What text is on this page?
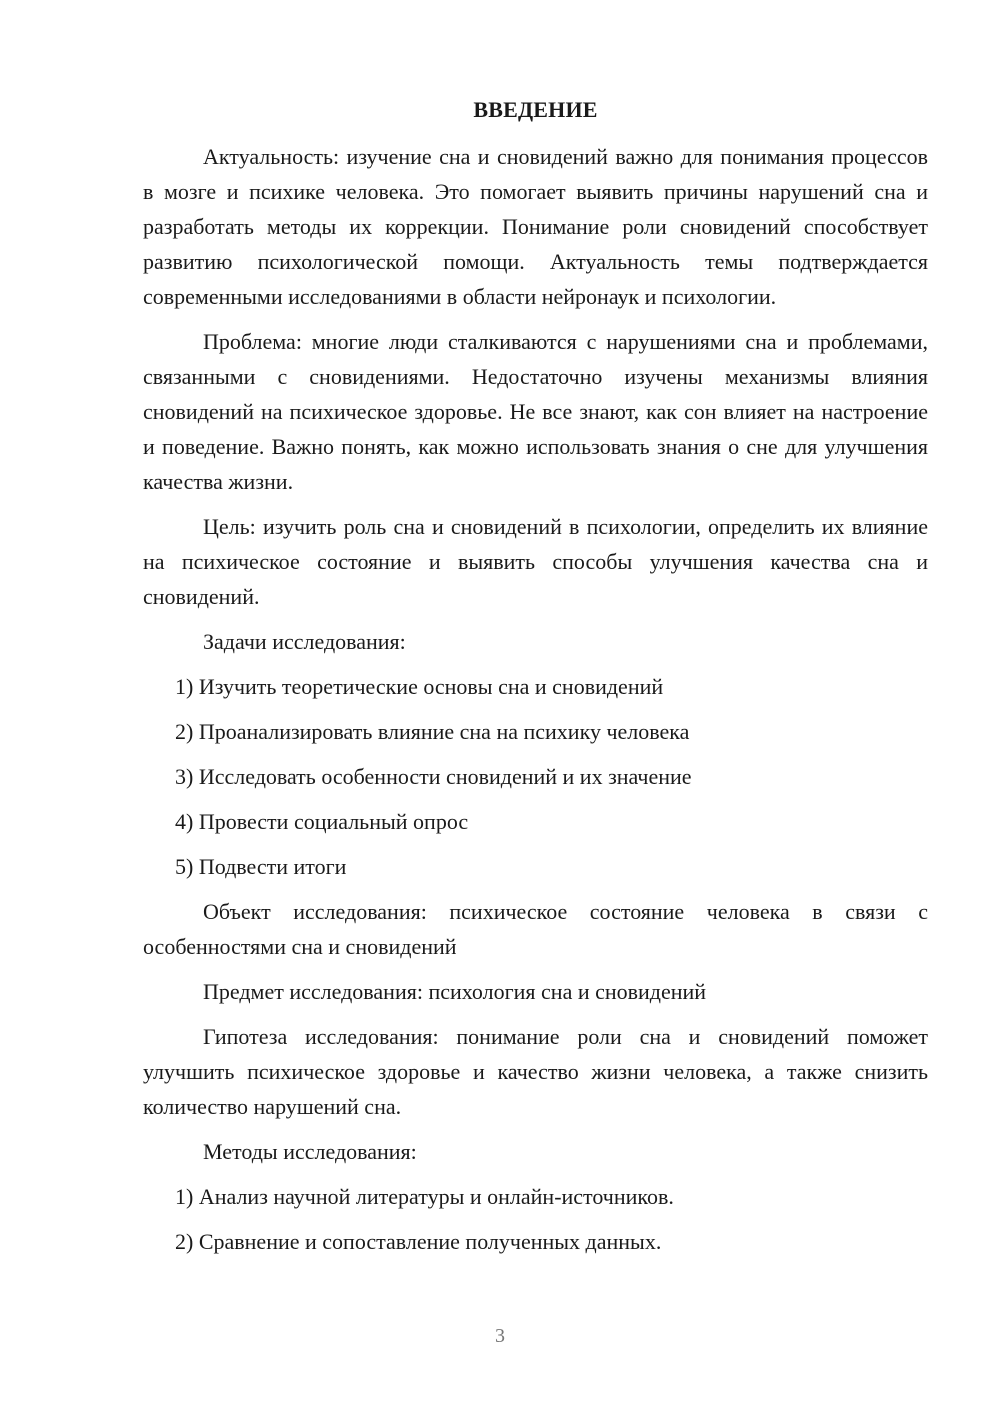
ВВЕДЕНИЕ

Актуальность: изучение сна и сновидений важно для понимания процессов в мозге и психике человека. Это помогает выявить причины нарушений сна и разработать методы их коррекции. Понимание роли сновидений способствует развитию психологической помощи. Актуальность темы подтверждается современными исследованиями в области нейронаук и психологии.

Проблема: многие люди сталкиваются с нарушениями сна и проблемами, связанными с сновидениями. Недостаточно изучены механизмы влияния сновидений на психическое здоровье. Не все знают, как сон влияет на настроение и поведение. Важно понять, как можно использовать знания о сне для улучшения качества жизни.

Цель: изучить роль сна и сновидений в психологии, определить их влияние на психическое состояние и выявить способы улучшения качества сна и сновидений.

Задачи исследования:

1) Изучить теоретические основы сна и сновидений
2) Проанализировать влияние сна на психику человека
3) Исследовать особенности сновидений и их значение
4) Провести социальный опрос
5) Подвести итоги

Объект исследования: психическое состояние человека в связи с особенностями сна и сновидений

Предмет исследования: психология сна и сновидений

Гипотеза исследования: понимание роли сна и сновидений поможет улучшить психическое здоровье и качество жизни человека, а также снизить количество нарушений сна.

Методы исследования:

1) Анализ научной литературы и онлайн-источников.
2) Сравнение и сопоставление полученных данных.
3
